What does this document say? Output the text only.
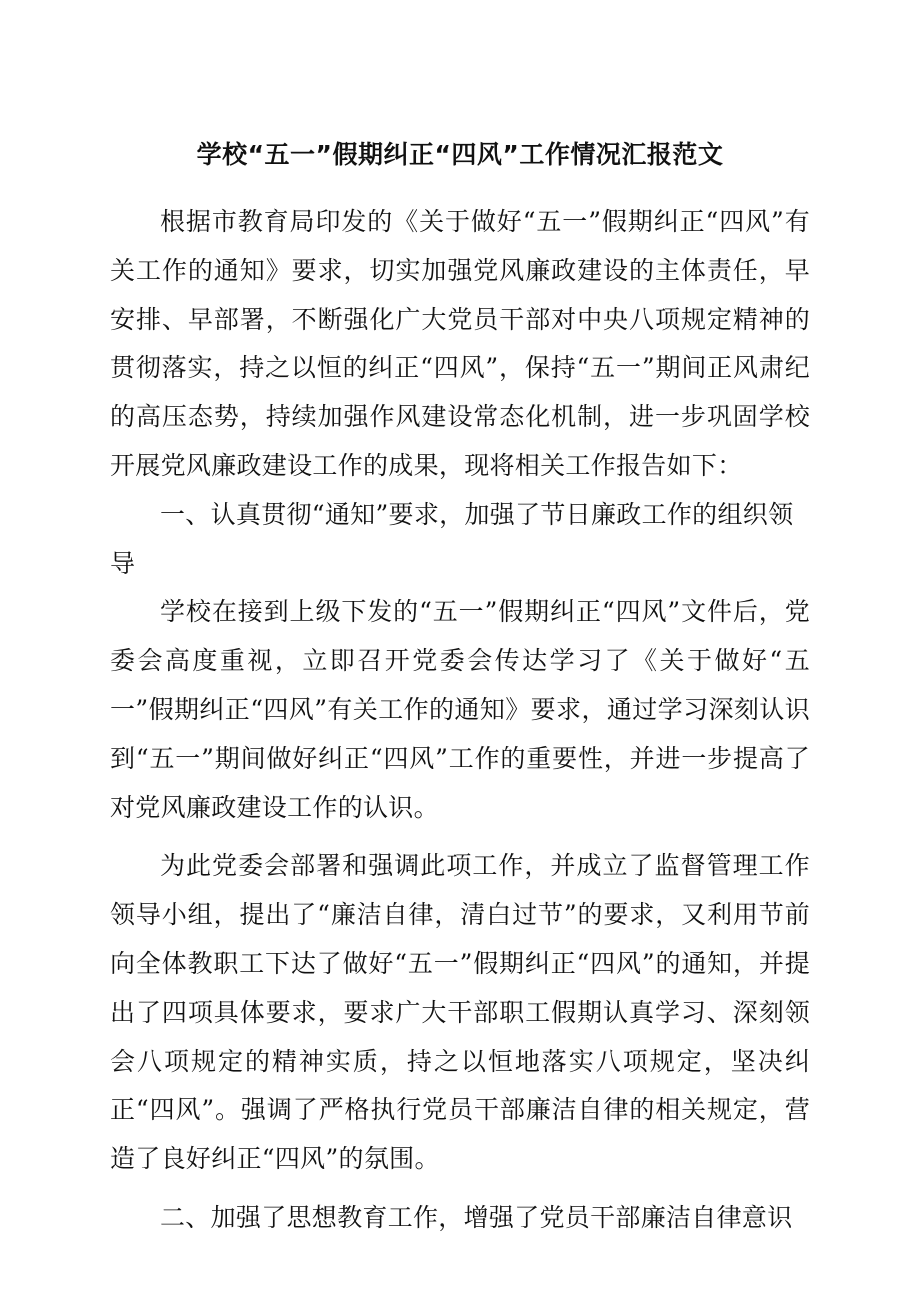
学校“五一”假期纠正“四风”工作情况汇报范文

根据市教育局印发的《关于做好“五一”假期纠正“四风”有关工作的通知》要求，切实加强党风廉政建设的主体责任，早安排、早部署，不断强化广大党员干部对中央八项规定精神的贯彻落实，持之以恒的纠正“四风”，保持“五一”期间正风肃纪的高压态势，持续加强作风建设常态化机制，进一步巩固学校开展党风廉政建设工作的成果，现将相关工作报告如下：

一、认真贯彻“通知”要求，加强了节日廉政工作的组织领导

学校在接到上级下发的“五一”假期纠正“四风”文件后，党委会高度重视，立即召开党委会传达学习了《关于做好“五一”假期纠正“四风”有关工作的通知》要求，通过学习深刻认识到“五一”期间做好纠正“四风”工作的重要性，并进一步提高了对党风廉政建设工作的认识。

为此党委会部署和强调此项工作，并成立了监督管理工作领导小组，提出了“廉洁自律，清白过节”的要求，又利用节前向全体教职工下达了做好“五一”假期纠正“四风”的通知，并提出了四项具体要求，要求广大干部职工假期认真学习、深刻领会八项规定的精神实质，持之以恒地落实八项规定，坚决纠正“四风”。强调了严格执行党员干部廉洁自律的相关规定，营造了良好纠正“四风”的氛围。

二、加强了思想教育工作，增强了党员干部廉洁自律意识
